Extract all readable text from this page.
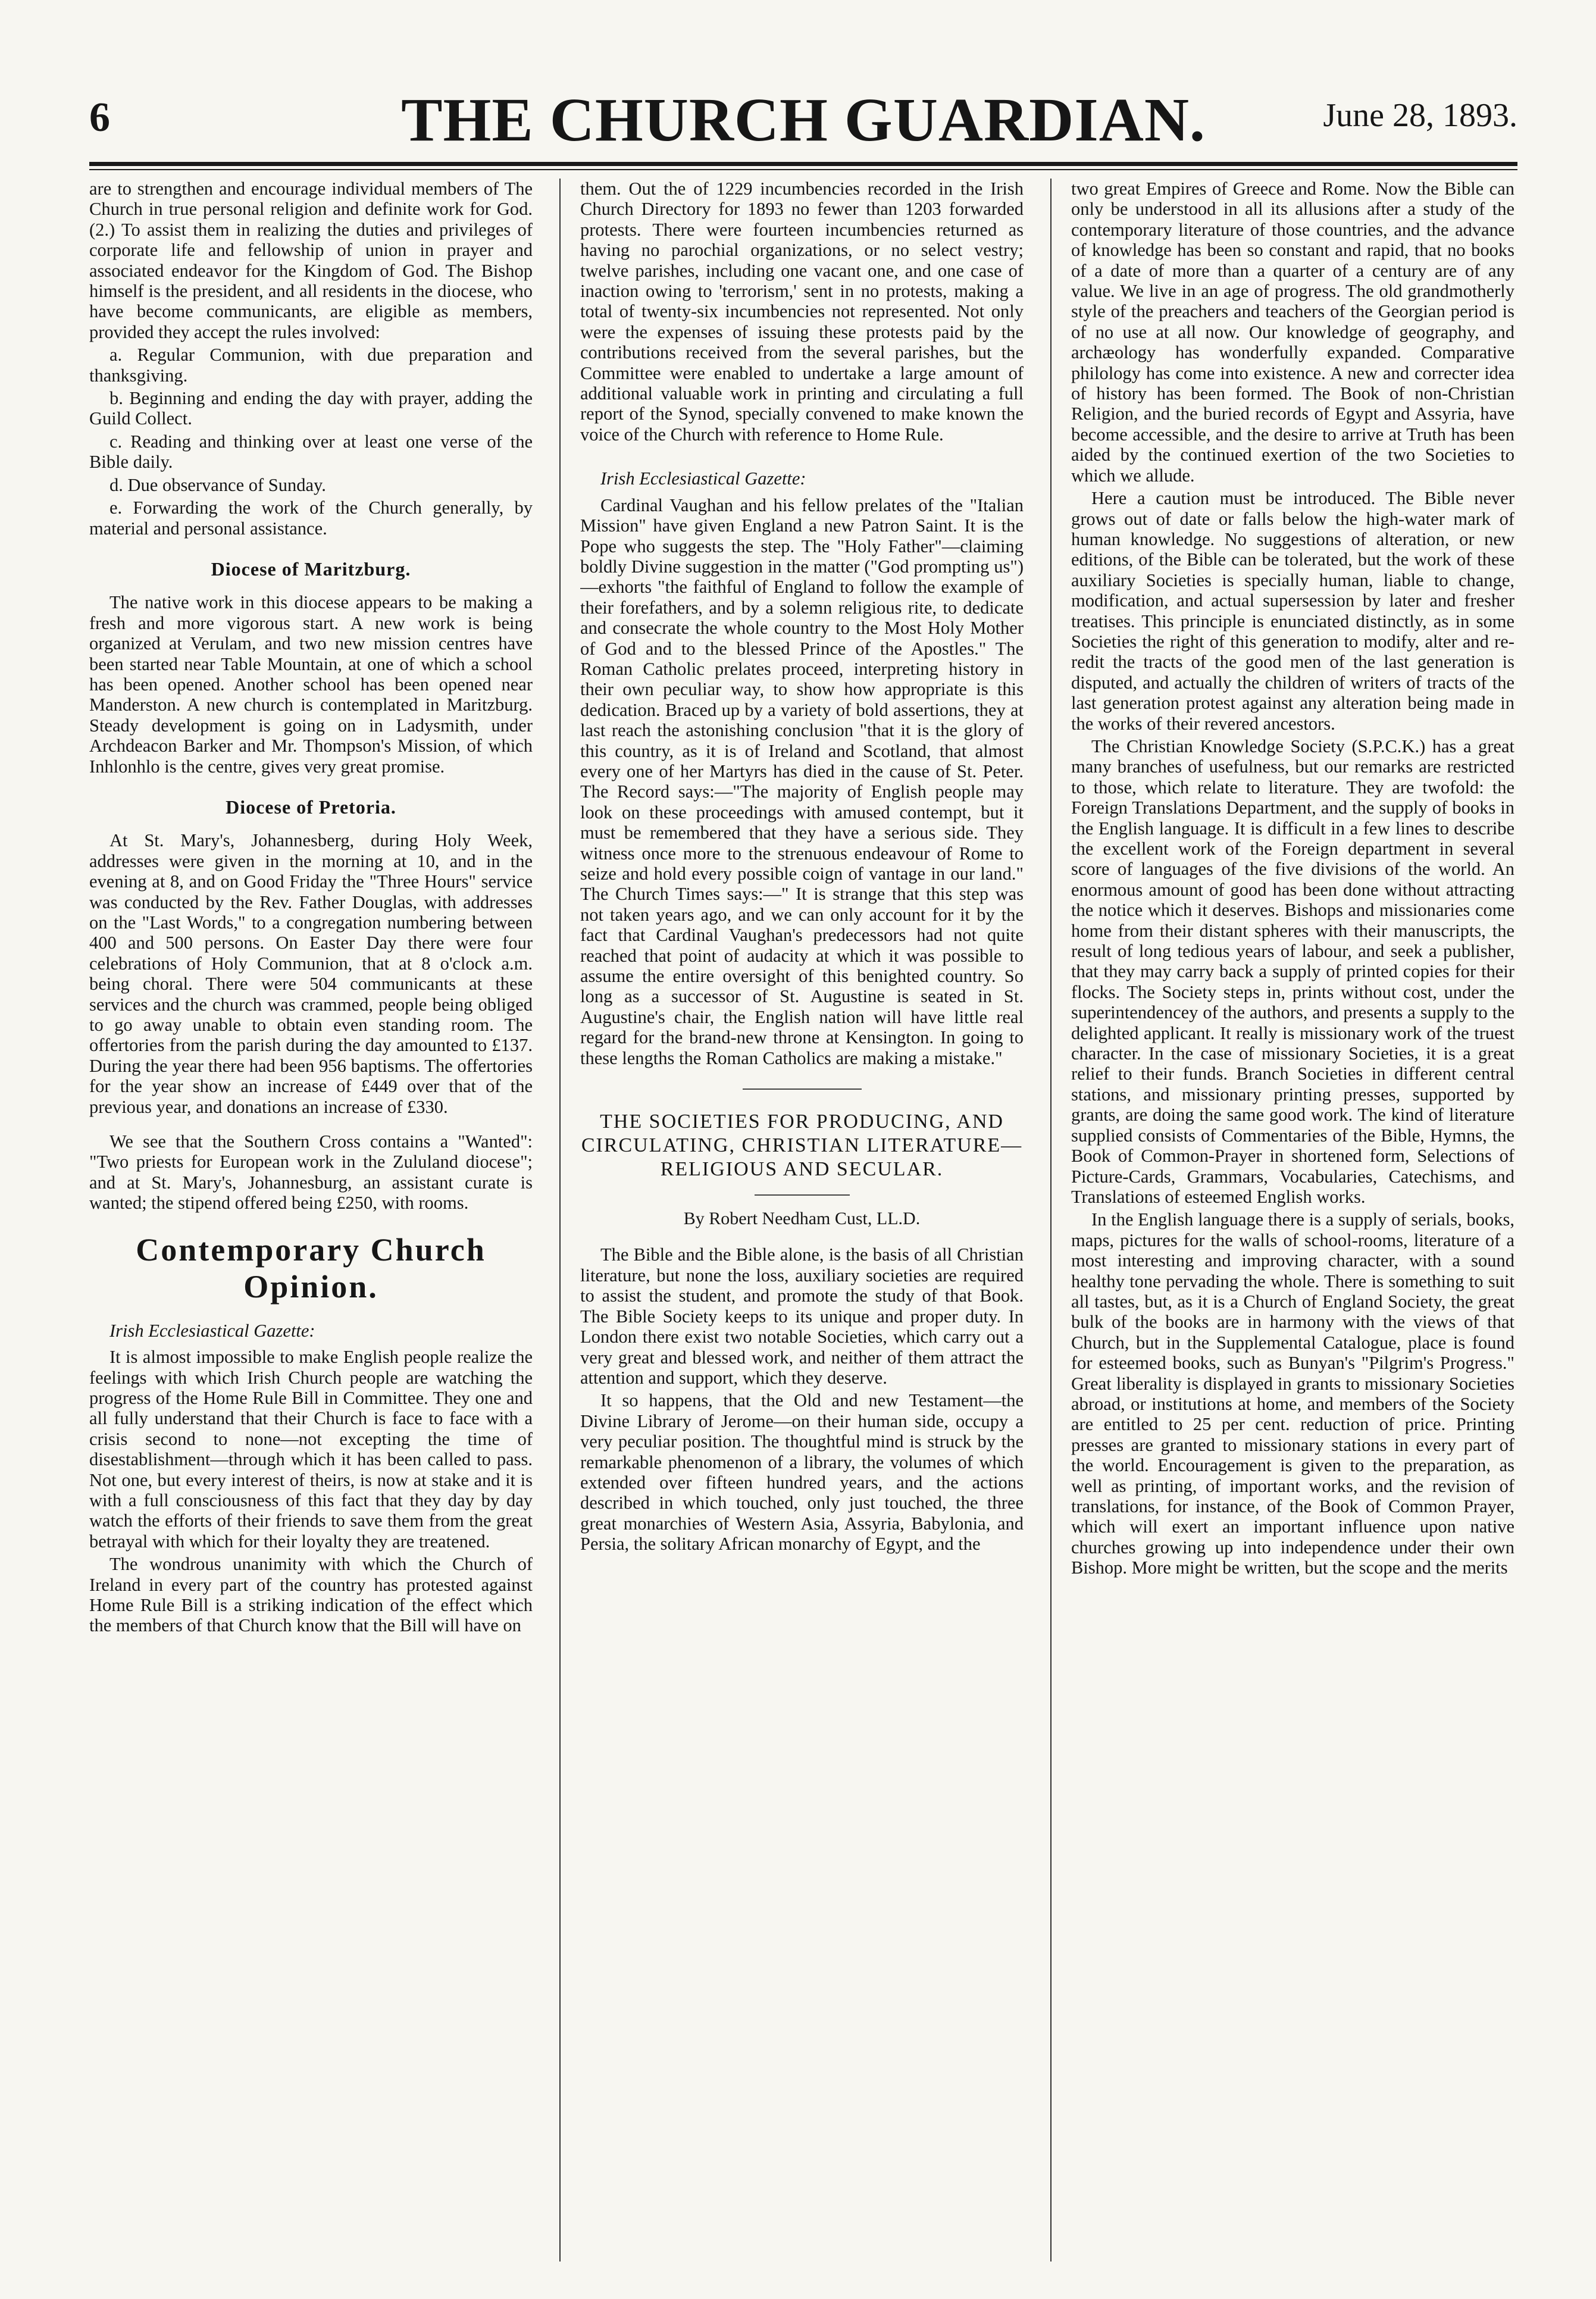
6	THE CHURCH GUARDIAN.	June 28, 1893.

are to strengthen and encourage individual members of The Church in true personal religion and definite work for God. (2.) To assist them in realizing the duties and privileges of corporate life and fellowship of union in prayer and associated endeavor for the Kingdom of God. The Bishop himself is the president, and all residents in the diocese, who have become communicants, are eligible as members, provided they accept the rules involved:

a. Regular Communion, with due preparation and thanksgiving.

b. Beginning and ending the day with prayer, adding the Guild Collect.

c. Reading and thinking over at least one verse of the Bible daily.

d. Due observance of Sunday.

e. Forwarding the work of the Church generally, by material and personal assistance.

Diocese of Maritzburg.

The native work in this diocese appears to be making a fresh and more vigorous start. A new work is being organized at Verulam, and two new mission centres have been started near Table Mountain, at one of which a school has been opened. Another school has been opened near Manderston. A new church is contemplated in Maritzburg. Steady development is going on in Ladysmith, under Archdeacon Barker and Mr. Thompson's Mission, of which Inhlonhlo is the centre, gives very great promise.

Diocese of Pretoria.

At St. Mary's, Johannesberg, during Holy Week, addresses were given in the morning at 10, and in the evening at 8, and on Good Friday the "Three Hours" service was conducted by the Rev. Father Douglas, with addresses on the "Last Words," to a congregation numbering between 400 and 500 persons. On Easter Day there were four celebrations of Holy Communion, that at 8 o'clock a.m. being choral. There were 504 communicants at these services and the church was crammed, people being obliged to go away unable to obtain even standing room. The offertories from the parish during the day amounted to £137. During the year there had been 956 baptisms. The offertories for the year show an increase of £449 over that of the previous year, and donations an increase of £330.

We see that the Southern Cross contains a "Wanted": "Two priests for European work in the Zululand diocese"; and at St. Mary's, Johannesburg, an assistant curate is wanted; the stipend offered being £250, with rooms.

Contemporary Church Opinion.
Irish Ecclesiastical Gazette:

It is almost impossible to make English people realize the feelings with which Irish Church people are watching the progress of the Home Rule Bill in Committee. They one and all fully understand that their Church is face to face with a crisis second to none—not excepting the time of disestablishment—through which it has been called to pass. Not one, but every interest of theirs, is now at stake and it is with a full consciousness of this fact that they day by day watch the efforts of their friends to save them from the great betrayal with which for their loyalty they are treatened.

The wondrous unanimity with which the Church of Ireland in every part of the country has protested against Home Rule Bill is a striking indication of the effect which the members of that Church know that the Bill will have on

them. Out the of 1229 incumbencies recorded in the Irish Church Directory for 1893 no fewer than 1203 forwarded protests. There were fourteen incumbencies returned as having no parochial organizations, or no select vestry; twelve parishes, including one vacant one, and one case of inaction owing to 'terrorism,' sent in no protests, making a total of twenty-six incumbencies not represented. Not only were the expenses of issuing these protests paid by the contributions received from the several parishes, but the Committee were enabled to undertake a large amount of additional valuable work in printing and circulating a full report of the Synod, specially convened to make known the voice of the Church with reference to Home Rule.

Irish Ecclesiastical Gazette:

Cardinal Vaughan and his fellow prelates of the "Italian Mission" have given England a new Patron Saint. It is the Pope who suggests the step. The "Holy Father"—claiming boldly Divine suggestion in the matter ("God prompting us")—exhorts "the faithful of England to follow the example of their forefathers, and by a solemn religious rite, to dedicate and consecrate the whole country to the Most Holy Mother of God and to the blessed Prince of the Apostles." The Roman Catholic prelates proceed, interpreting history in their own peculiar way, to show how appropriate is this dedication. Braced up by a variety of bold assertions, they at last reach the astonishing conclusion "that it is the glory of this country, as it is of Ireland and Scotland, that almost every one of her Martyrs has died in the cause of St. Peter. The Record says:—"The majority of English people may look on these proceedings with amused contempt, but it must be remembered that they have a serious side. They witness once more to the strenuous endeavour of Rome to seize and hold every possible coign of vantage in our land." The Church Times says:—" It is strange that this step was not taken years ago, and we can only account for it by the fact that Cardinal Vaughan's predecessors had not quite reached that point of audacity at which it was possible to assume the entire oversight of this benighted country. So long as a successor of St. Augustine is seated in St. Augustine's chair, the English nation will have little real regard for the brand-new throne at Kensington. In going to these lengths the Roman Catholics are making a mistake."

THE SOCIETIES FOR PRODUCING, AND CIRCULATING, CHRISTIAN LITERATURE—RELIGIOUS AND SECULAR.
By Robert Needham Cust, LL.D.

The Bible and the Bible alone, is the basis of all Christian literature, but none the loss, auxiliary societies are required to assist the student, and promote the study of that Book. The Bible Society keeps to its unique and proper duty. In London there exist two notable Societies, which carry out a very great and blessed work, and neither of them attract the attention and support, which they deserve.

It so happens, that the Old and new Testament—the Divine Library of Jerome—on their human side, occupy a very peculiar position. The thoughtful mind is struck by the remarkable phenomenon of a library, the volumes of which extended over fifteen hundred years, and the actions described in which touched, only just touched, the three great monarchies of Western Asia, Assyria, Babylonia, and Persia, the solitary African monarchy of Egypt, and the

two great Empires of Greece and Rome. Now the Bible can only be understood in all its allusions after a study of the contemporary literature of those countries, and the advance of knowledge has been so constant and rapid, that no books of a date of more than a quarter of a century are of any value. We live in an age of progress. The old grandmotherly style of the preachers and teachers of the Georgian period is of no use at all now. Our knowledge of geography, and archæology has wonderfully expanded. Comparative philology has come into existence. A new and correcter idea of history has been formed. The Book of non-Christian Religion, and the buried records of Egypt and Assyria, have become accessible, and the desire to arrive at Truth has been aided by the continued exertion of the two Societies to which we allude.

Here a caution must be introduced. The Bible never grows out of date or falls below the high-water mark of human knowledge. No suggestions of alteration, or new editions, of the Bible can be tolerated, but the work of these auxiliary Societies is specially human, liable to change, modification, and actual supersession by later and fresher treatises. This principle is enunciated distinctly, as in some Societies the right of this generation to modify, alter and re-redit the tracts of the good men of the last generation is disputed, and actually the children of writers of tracts of the last generation protest against any alteration being made in the works of their revered ancestors.

The Christian Knowledge Society (S.P.C.K.) has a great many branches of usefulness, but our remarks are restricted to those, which relate to literature. They are twofold: the Foreign Translations Department, and the supply of books in the English language. It is difficult in a few lines to describe the excellent work of the Foreign department in several score of languages of the five divisions of the world. An enormous amount of good has been done without attracting the notice which it deserves. Bishops and missionaries come home from their distant spheres with their manuscripts, the result of long tedious years of labour, and seek a publisher, that they may carry back a supply of printed copies for their flocks. The Society steps in, prints without cost, under the superintendencey of the authors, and presents a supply to the delighted applicant. It really is missionary work of the truest character. In the case of missionary Societies, it is a great relief to their funds. Branch Societies in different central stations, and missionary printing presses, supported by grants, are doing the same good work. The kind of literature supplied consists of Commentaries of the Bible, Hymns, the Book of Common-Prayer in shortened form, Selections of Picture-Cards, Grammars, Vocabularies, Catechisms, and Translations of esteemed English works.

In the English language there is a supply of serials, books, maps, pictures for the walls of school-rooms, literature of a most interesting and improving character, with a sound healthy tone pervading the whole. There is something to suit all tastes, but, as it is a Church of England Society, the great bulk of the books are in harmony with the views of that Church, but in the Supplemental Catalogue, place is found for esteemed books, such as Bunyan's "Pilgrim's Progress." Great liberality is displayed in grants to missionary Societies abroad, or institutions at home, and members of the Society are entitled to 25 per cent. reduction of price. Printing presses are granted to missionary stations in every part of the world. Encouragement is given to the preparation, as well as printing, of important works, and the revision of translations, for instance, of the Book of Common Prayer, which will exert an important influence upon native churches growing up into independence under their own Bishop. More might be written, but the scope and the merits
